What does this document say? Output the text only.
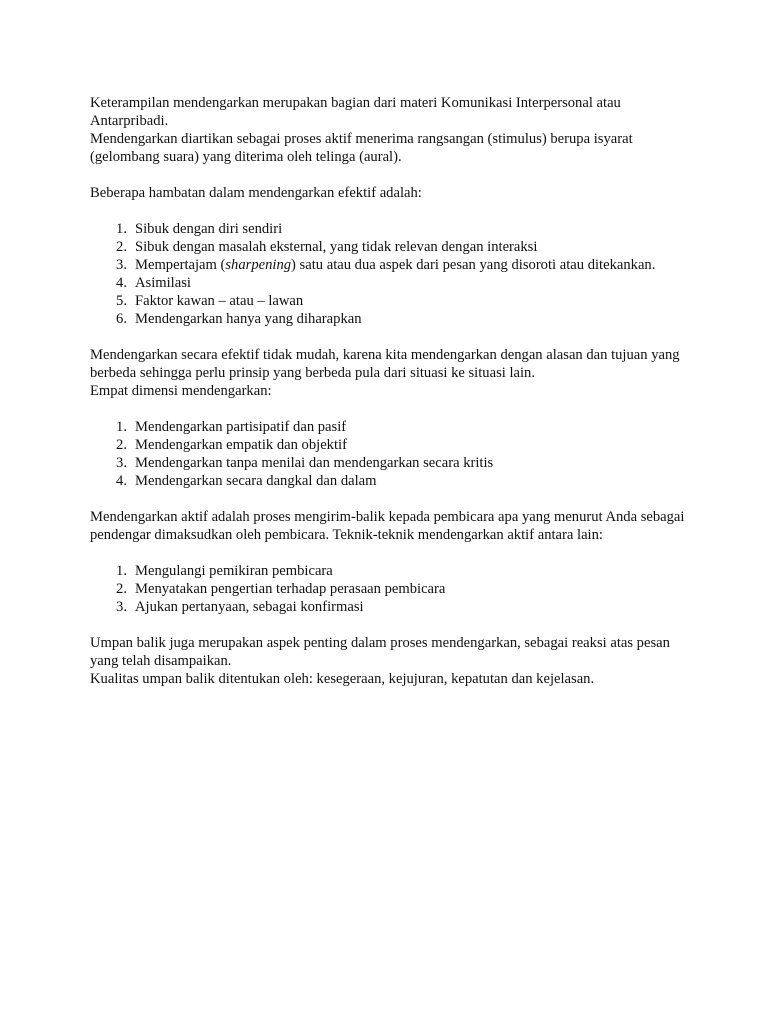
Keterampilan mendengarkan merupakan bagian dari materi Komunikasi Interpersonal atau Antarpribadi.

Mendengarkan diartikan sebagai proses aktif menerima rangsangan (stimulus) berupa isyarat (gelombang suara) yang diterima oleh telinga (aural).

Beberapa hambatan dalam mendengarkan efektif adalah:

1. Sibuk dengan diri sendiri
2. Sibuk dengan masalah eksternal, yang tidak relevan dengan interaksi
3. Mempertajam (sharpening) satu atau dua aspek dari pesan yang disoroti atau ditekankan.
4. Asimilasi
5. Faktor kawan – atau – lawan
6. Mendengarkan hanya yang diharapkan

Mendengarkan secara efektif tidak mudah, karena kita mendengarkan dengan alasan dan tujuan yang berbeda sehingga perlu prinsip yang berbeda pula dari situasi ke situasi lain.

Empat dimensi mendengarkan:

1. Mendengarkan partisipatif dan pasif
2. Mendengarkan empatik dan objektif
3. Mendengarkan tanpa menilai dan mendengarkan secara kritis
4. Mendengarkan secara dangkal dan dalam

Mendengarkan aktif adalah proses mengirim-balik kepada pembicara apa yang menurut Anda sebagai pendengar dimaksudkan oleh pembicara. Teknik-teknik mendengarkan aktif antara lain:

1. Mengulangi pemikiran pembicara
2. Menyatakan pengertian terhadap perasaan pembicara
3. Ajukan pertanyaan, sebagai konfirmasi

Umpan balik juga merupakan aspek penting dalam proses mendengarkan, sebagai reaksi atas pesan yang telah disampaikan.

Kualitas umpan balik ditentukan oleh: kesegeraan, kejujuran, kepatutan dan kejelasan.
